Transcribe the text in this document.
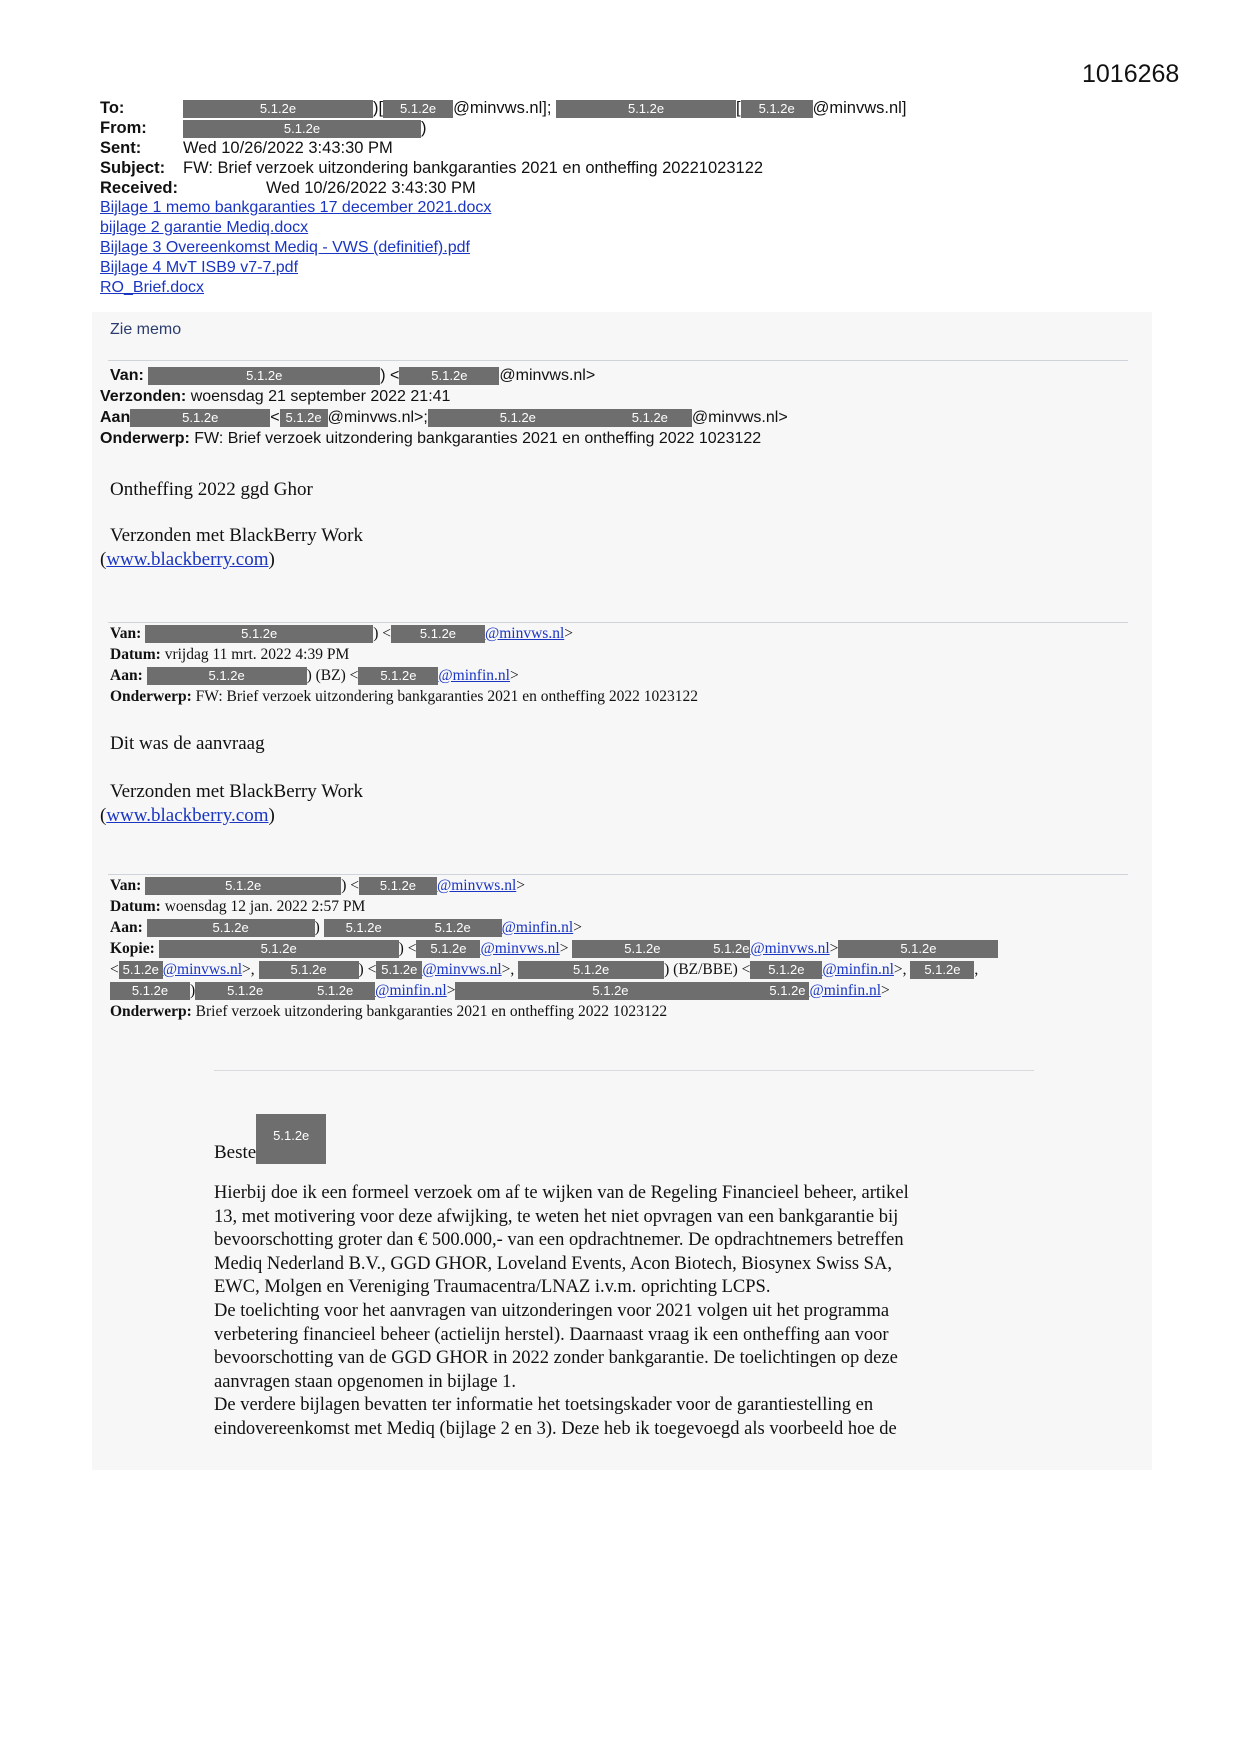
1016268
To:	5.1.2e	)[ 5.1.2e @minvws.nl];	5.1.2e	[ 5.1.2e @minvws.nl]
From:	5.1.2e	)
Sent:	Wed 10/26/2022 3:43:30 PM
Subject: FW: Brief verzoek uitzondering bankgaranties 2021 en ontheffing 20221023122
Received:	Wed 10/26/2022 3:43:30 PM
Bijlage 1 memo bankgaranties 17 december 2021.docx
bijlage 2 garantie Mediq.docx
Bijlage 3 Overeenkomst Mediq - VWS (definitief).pdf
Bijlage 4 MvT ISB9 v7-7.pdf
RO_Brief.docx
Zie memo
Van:	5.1.2e	) < 5.1.2e @minvws.nl>
Verzonden: woensdag 21 september 2022 21:41
Aan	5.1.2e	< 5.1.2e @minvws.nl>;	5.1.2e	5.1.2e @minvws.nl>
Onderwerp: FW: Brief verzoek uitzondering bankgaranties 2021 en ontheffing 2022 1023122
Ontheffing 2022 ggd Ghor
Verzonden met BlackBerry Work
(www.blackberry.com)
Van:	5.1.2e	) < 5.1.2e @minvws.nl>
Datum: vrijdag 11 mrt. 2022 4:39 PM
Aan:	5.1.2e	) (BZ) < 5.1.2e @minfin.nl>
Onderwerp: FW: Brief verzoek uitzondering bankgaranties 2021 en ontheffing 2022 1023122
Dit was de aanvraag
Verzonden met BlackBerry Work
(www.blackberry.com)
Van:	5.1.2e	) < 5.1.2e @minvws.nl>
Datum: woensdag 12 jan. 2022 2:57 PM
Aan:	5.1.2e	) 5.1.2e	5.1.2e @minfin.nl>
Kopie:	5.1.2e	) < 5.1.2e @minvws.nl>	5.1.2e	5.1.2e@minvws.nl>	5.1.2e
< 5.1.2e @minvws.nl>,	5.1.2e ) < 5.1.2e @minvws.nl>,	5.1.2e	) (BZ/BBE) < 5.1.2e @minfin.nl>, 5.1.2e ,
5.1.2e ) 5.1.2e	5.1.2e @minfin.nl>	5.1.2e	5.1.2e @minfin.nl>
Onderwerp: Brief verzoek uitzondering bankgaranties 2021 en ontheffing 2022 1023122
Beste5.1.2e
Hierbij doe ik een formeel verzoek om af te wijken van de Regeling Financieel beheer, artikel
13, met motivering voor deze afwijking, te weten het niet opvragen van een bankgarantie bij
bevoorschotting groter dan € 500.000,- van een opdrachtnemer. De opdrachtnemers betreffen
Mediq Nederland B.V., GGD GHOR, Loveland Events, Acon Biotech, Biosynex Swiss SA,
EWC, Molgen en Vereniging Traumacentra/LNAZ i.v.m. oprichting LCPS.
De toelichting voor het aanvragen van uitzonderingen voor 2021 volgen uit het programma
verbetering financieel beheer (actielijn herstel). Daarnaast vraag ik een ontheffing aan voor
bevoorschotting van de GGD GHOR in 2022 zonder bankgarantie. De toelichtingen op deze
aanvragen staan opgenomen in bijlage 1.
De verdere bijlagen bevatten ter informatie het toetsingskader voor de garantiestelling en
eindovereenkomst met Mediq (bijlage 2 en 3). Deze heb ik toegevoegd als voorbeeld hoe de
